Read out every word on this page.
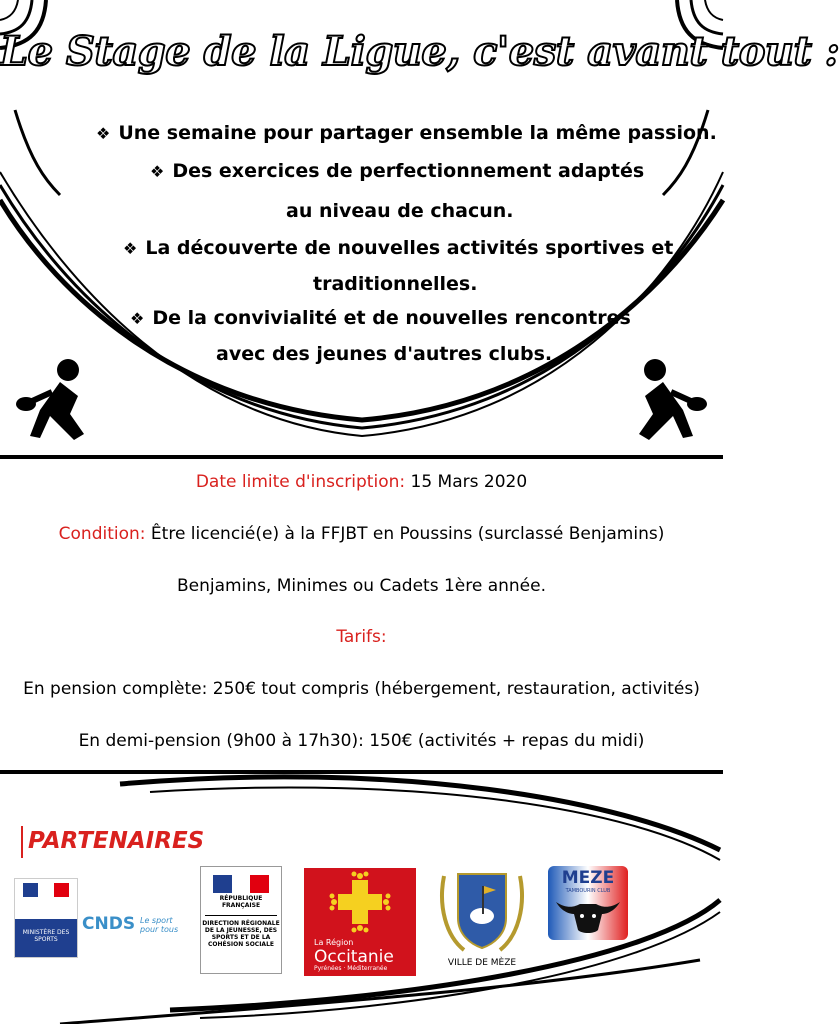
Le Stage de la Ligue, c'est avant tout :
❖ Une semaine pour partager ensemble la même passion.
❖ Des exercices de perfectionnement adaptés
au niveau de chacun.
❖ La découverte de nouvelles activités sportives et
traditionnelles.
❖ De la convivialité et de nouvelles rencontres
avec des jeunes d'autres clubs.
Date limite d'inscription: 15 Mars 2020
Condition: Être licencié(e) à la FFJBT en Poussins (surclassé Benjamins)
Benjamins, Minimes ou Cadets 1ère année.
Tarifs:
En pension complète: 250€ tout compris (hébergement, restauration, activités)
En demi-pension (9h00 à 17h30): 150€ (activités + repas du midi)
PARTENAIRES
MINISTÈRE DES SPORTS
CNDS Le sport pour tous
RÉPUBLIQUE FRANÇAISE
DIRECTION RÉGIONALE DE LA JEUNESSE, DES SPORTS ET DE LA COHÉSION SOCIALE	La Région
Occitanie
Pyrénées · Méditerranée
VILLE DE MÈZE
MEZE
TAMBOURIN CLUB
